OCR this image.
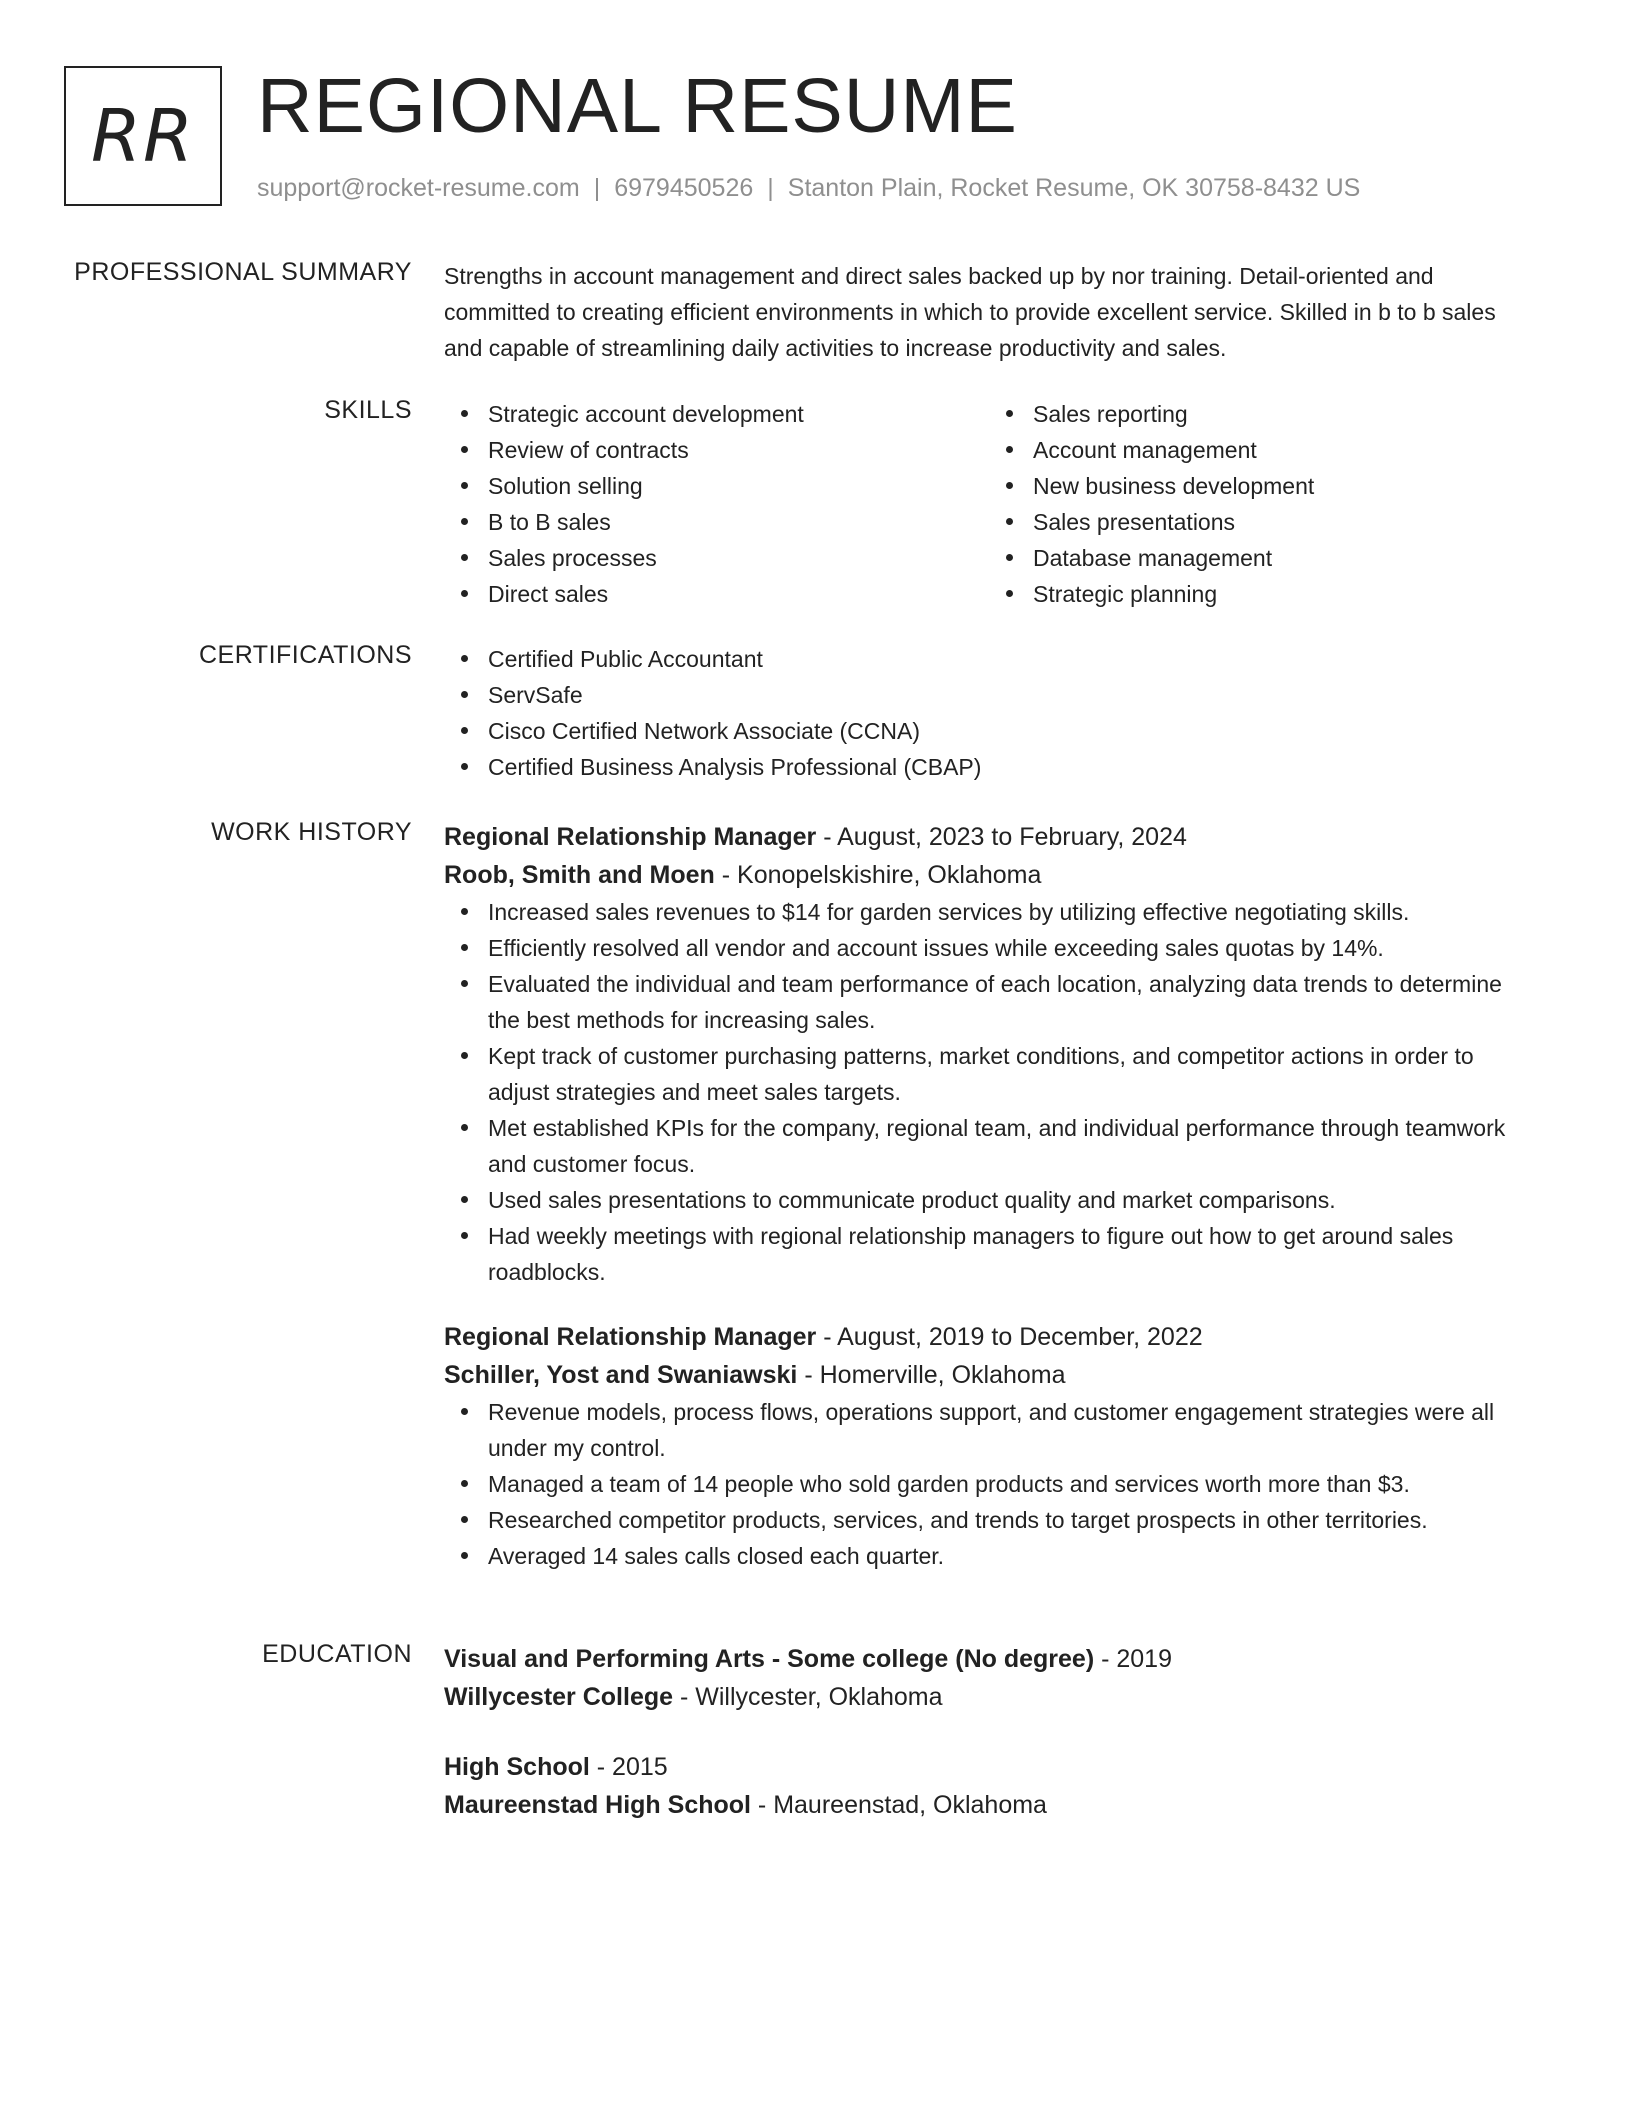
RR REGIONAL RESUME
support@rocket-resume.com | 6979450526 | Stanton Plain, Rocket Resume, OK 30758-8432 US
PROFESSIONAL SUMMARY Strengths in account management and direct sales backed up by nor training. Detail-oriented and committed to creating efficient environments in which to provide excellent service. Skilled in b to b sales and capable of streamlining daily activities to increase productivity and sales.
SKILLS	Strategic account development
Review of contracts
Solution selling
B to B sales
Sales processes
Direct sales
Sales reporting
Account management
New business development
Sales presentations
Database management
Strategic planning
CERTIFICATIONS	Certified Public Accountant
ServSafe
Cisco Certified Network Associate (CCNA)
Certified Business Analysis Professional (CBAP)
WORK HISTORY Regional Relationship Manager - August, 2023 to February, 2024
Roob, Smith and Moen - Konopelskishire, Oklahoma
Increased sales revenues to $14 for garden services by utilizing effective negotiating skills.
Efficiently resolved all vendor and account issues while exceeding sales quotas by 14%.
Evaluated the individual and team performance of each location, analyzing data trends to determine the best methods for increasing sales.
Kept track of customer purchasing patterns, market conditions, and competitor actions in order to adjust strategies and meet sales targets.
Met established KPIs for the company, regional team, and individual performance through teamwork and customer focus.
Used sales presentations to communicate product quality and market comparisons.
Had weekly meetings with regional relationship managers to figure out how to get around sales roadblocks.
Regional Relationship Manager - August, 2019 to December, 2022
Schiller, Yost and Swaniawski - Homerville, Oklahoma
Revenue models, process flows, operations support, and customer engagement strategies were all under my control.
Managed a team of 14 people who sold garden products and services worth more than $3.
Researched competitor products, services, and trends to target prospects in other territories.
Averaged 14 sales calls closed each quarter.
EDUCATION Visual and Performing Arts - Some college (No degree) - 2019
Willycester College - Willycester, Oklahoma
High School - 2015
Maureenstad High School - Maureenstad, Oklahoma
